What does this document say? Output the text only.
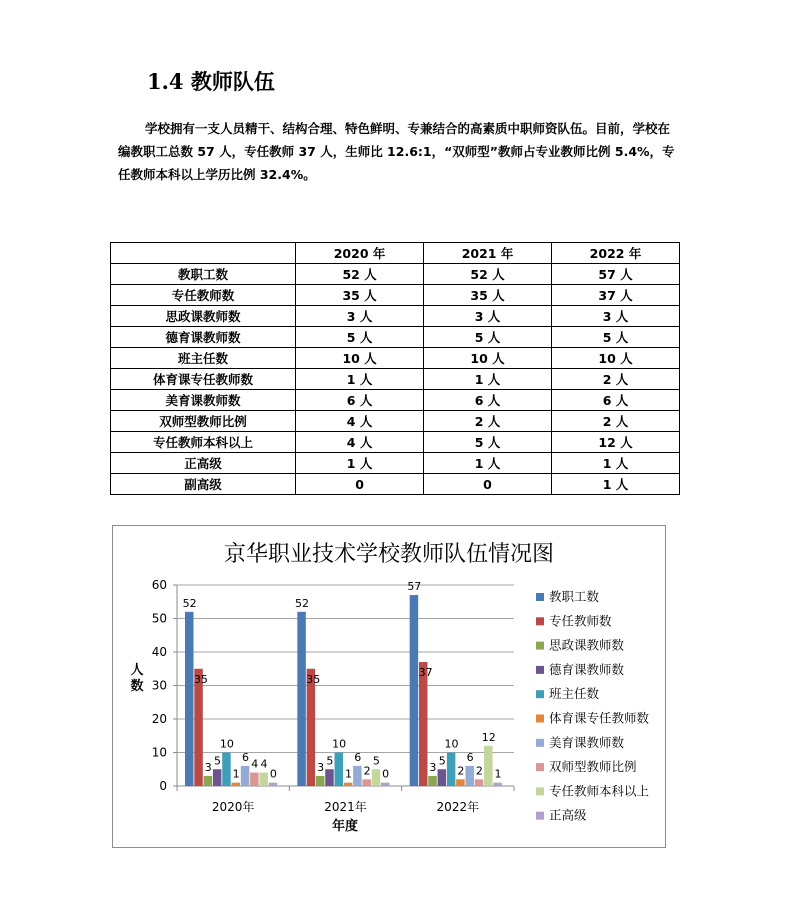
1.4 教师队伍
学校拥有一支人员精干、结构合理、特色鲜明、专兼结合的高素质中职师资队伍。目前，学校在编教职工总数 57 人，专任教师 37 人，生师比 12.6:1，“双师型”教师占专业教师比例 5.4%，专任教师本科以上学历比例 32.4%。
	2020 年	2021 年	2022 年
教职工数	52 人	52 人	57 人
专任教师数	35 人	35 人	37 人
思政课教师数	3 人	3 人	3 人
德育课教师数	5 人	5 人	5 人
班主任数	10 人	10 人	10 人
体育课专任教师数	1 人	1 人	2 人
美育课教师数	6 人	6 人	6 人
双师型教师比例	4 人	2 人	2 人
专任教师本科以上	4 人	5 人	12 人
正高级	1 人	1 人	1 人
副高级	0	0	1 人
京华职业技术学校教师队伍情况图
0
10
20
30
40
50
60
人数
52
35
3
5
10
1
6
4 4
0
2020年
52
35
3
5
10
1
6
2
5
0
2021年
57
37
3
5
10
2
6
2
12
1
2022年
年度
教职工数
专任教师数
思政课教师数
德育课教师数
班主任数
体育课专任教师数
美育课教师数
双师型教师比例
专任教师本科以上
正高级
